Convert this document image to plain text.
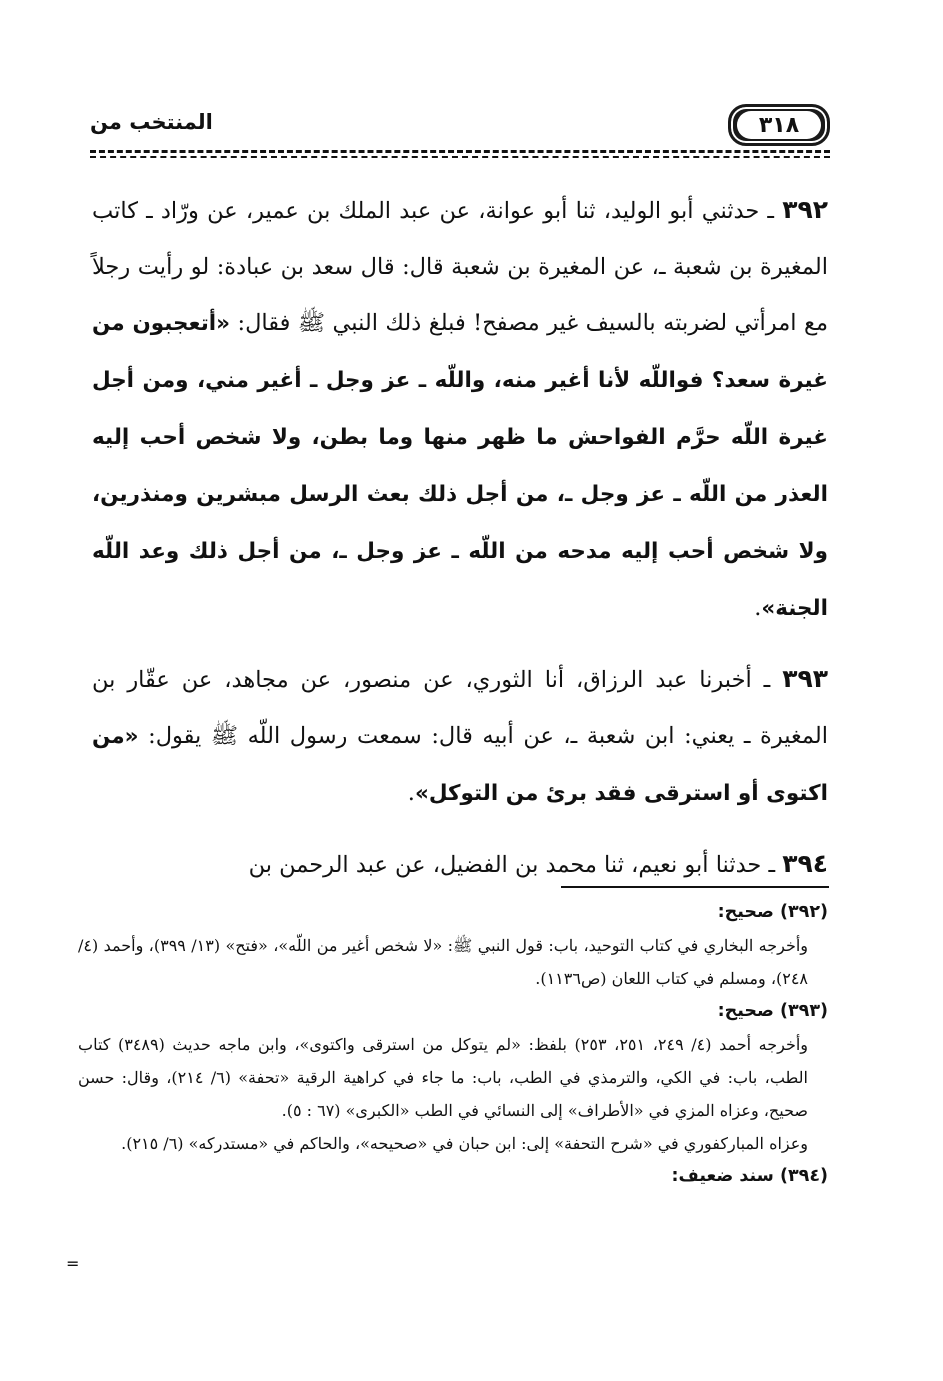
٣١٨
المنتخب من

٣٩٢ ـ حدثني أبو الوليد، ثنا أبو عوانة، عن عبد الملك بن عمير، عن ورّاد ـ كاتب المغيرة بن شعبة ـ، عن المغيرة بن شعبة قال: قال سعد بن عبادة: لو رأيت رجلاً مع امرأتي لضربته بالسيف غير مصفح! فبلغ ذلك النبي ﷺ فقال: «أتعجبون من غيرة سعد؟ فواللّه لأنا أغير منه، واللّه ـ عز وجل ـ أغير مني، ومن أجل غيرة اللّه حرَّم الفواحش ما ظهر منها وما بطن، ولا شخص أحب إليه العذر من اللّه ـ عز وجل ـ، من أجل ذلك بعث الرسل مبشرين ومنذرين، ولا شخص أحب إليه مدحه من اللّه ـ عز وجل ـ، من أجل ذلك وعد اللّه الجنة».

٣٩٣ ـ أخبرنا عبد الرزاق، أنا الثوري، عن منصور، عن مجاهد، عن عقّار بن المغيرة ـ يعني: ابن شعبة ـ، عن أبيه قال: سمعت رسول اللّه ﷺ يقول: «من اكتوى أو استرقى فقد برئ من التوكل».

٣٩٤ ـ حدثنا أبو نعيم، ثنا محمد بن الفضيل، عن عبد الرحمن بن

(٣٩٢) صحيح:

وأخرجه البخاري في كتاب التوحيد، باب: قول النبي ﷺ: «لا شخص أغير من اللّه»، «فتح» (١٣/ ٣٩٩)، وأحمد (٤/ ٢٤٨)، ومسلم في كتاب اللعان (ص١١٣٦).

(٣٩٣) صحيح:

وأخرجه أحمد (٤/ ٢٤٩، ٢٥١، ٢٥٣) بلفظ: «لم يتوكل من استرقى واكتوى»، وابن ماجه حديث (٣٤٨٩) كتاب الطب، باب: في الكي، والترمذي في الطب، باب: ما جاء في كراهية الرقية «تحفة» (٦/ ٢١٤)، وقال: حسن صحيح، وعزاه المزي في «الأطراف» إلى النسائي في الطب «الكبرى» (٦٧ : ٥).

وعزاه المباركفوري في «شرح التحفة» إلى: ابن حبان في «صحيحه»، والحاكم في «مستدركه» (٦/ ٢١٥).

(٣٩٤) سند ضعيف:

=
